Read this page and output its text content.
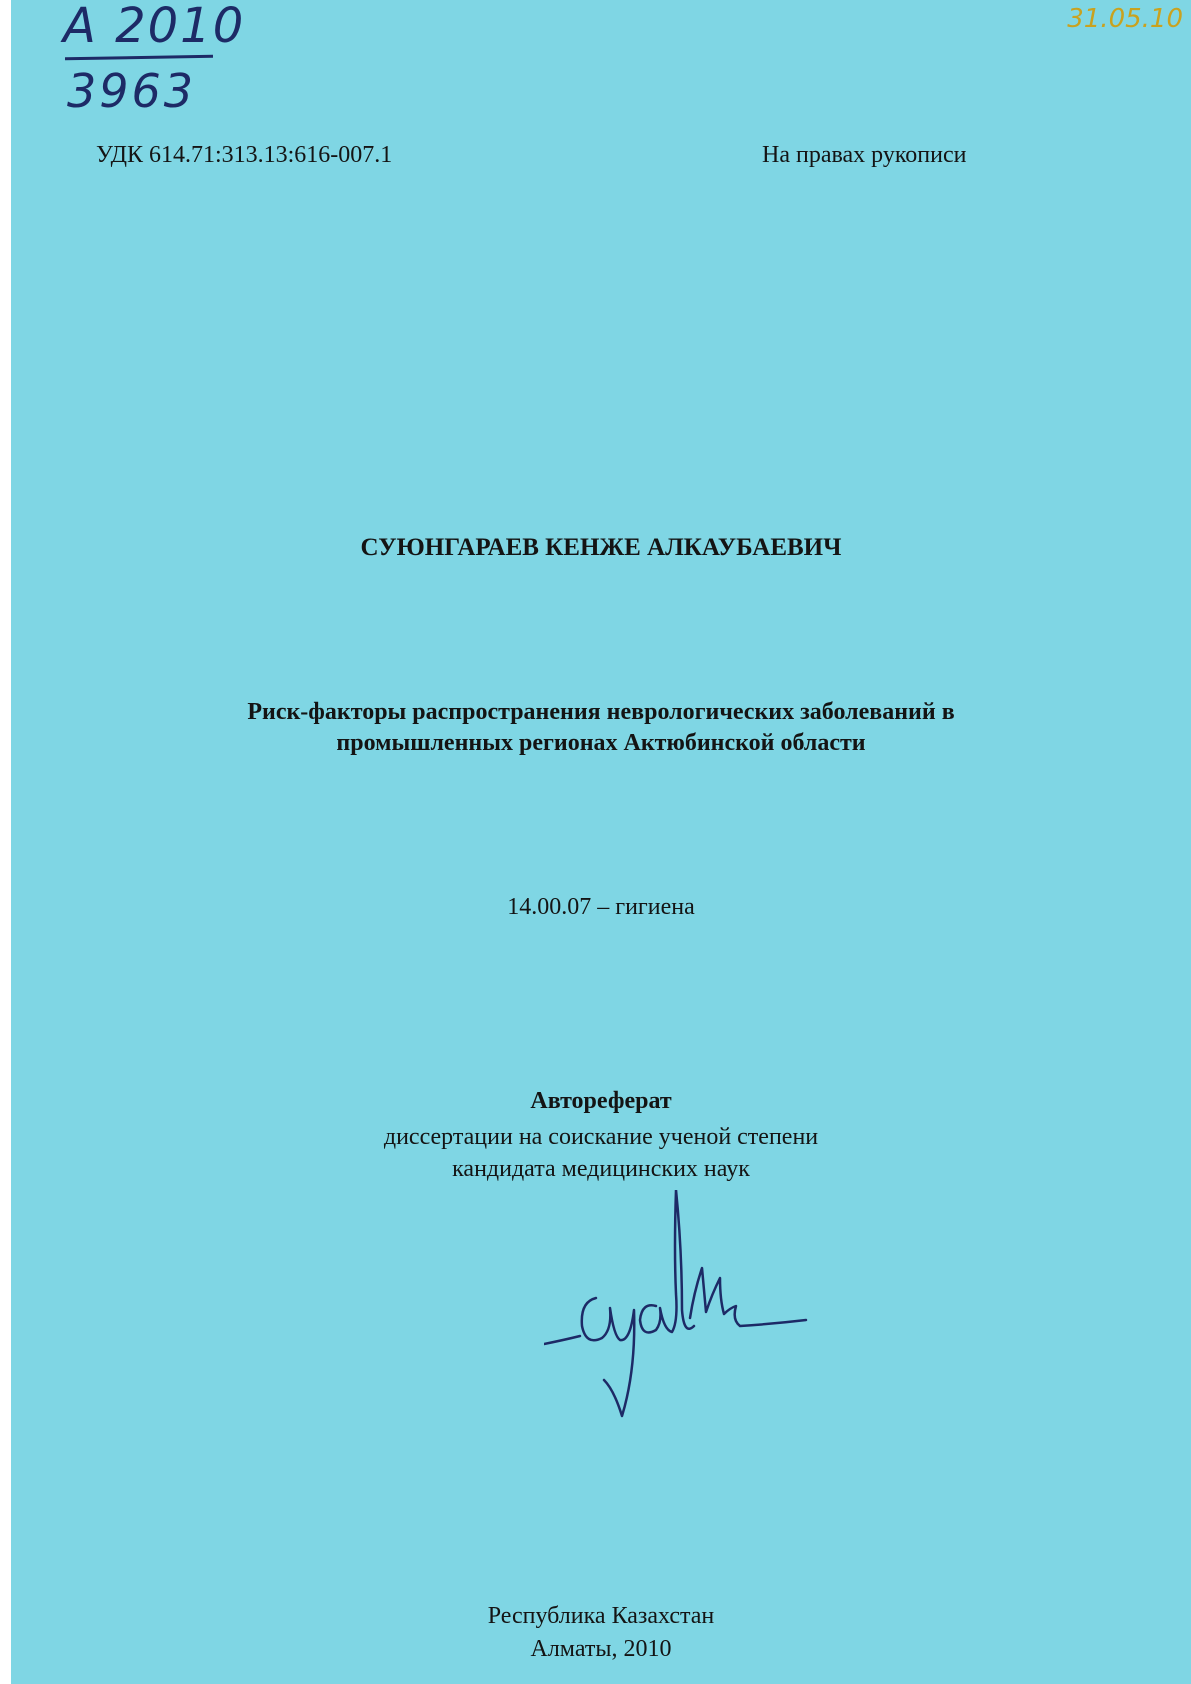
А 2010
3963
31.05.10
УДК 614.71:313.13:616-007.1	На правах рукописи
СУЮНГАРАЕВ КЕНЖЕ АЛКАУБАЕВИЧ
Риск-факторы распространения неврологических заболеваний в
промышленных регионах Актюбинской области
14.00.07 – гигиена
Автореферат
диссертации на соискание ученой степени
кандидата медицинских наук
Республика Казахстан
Алматы, 2010
